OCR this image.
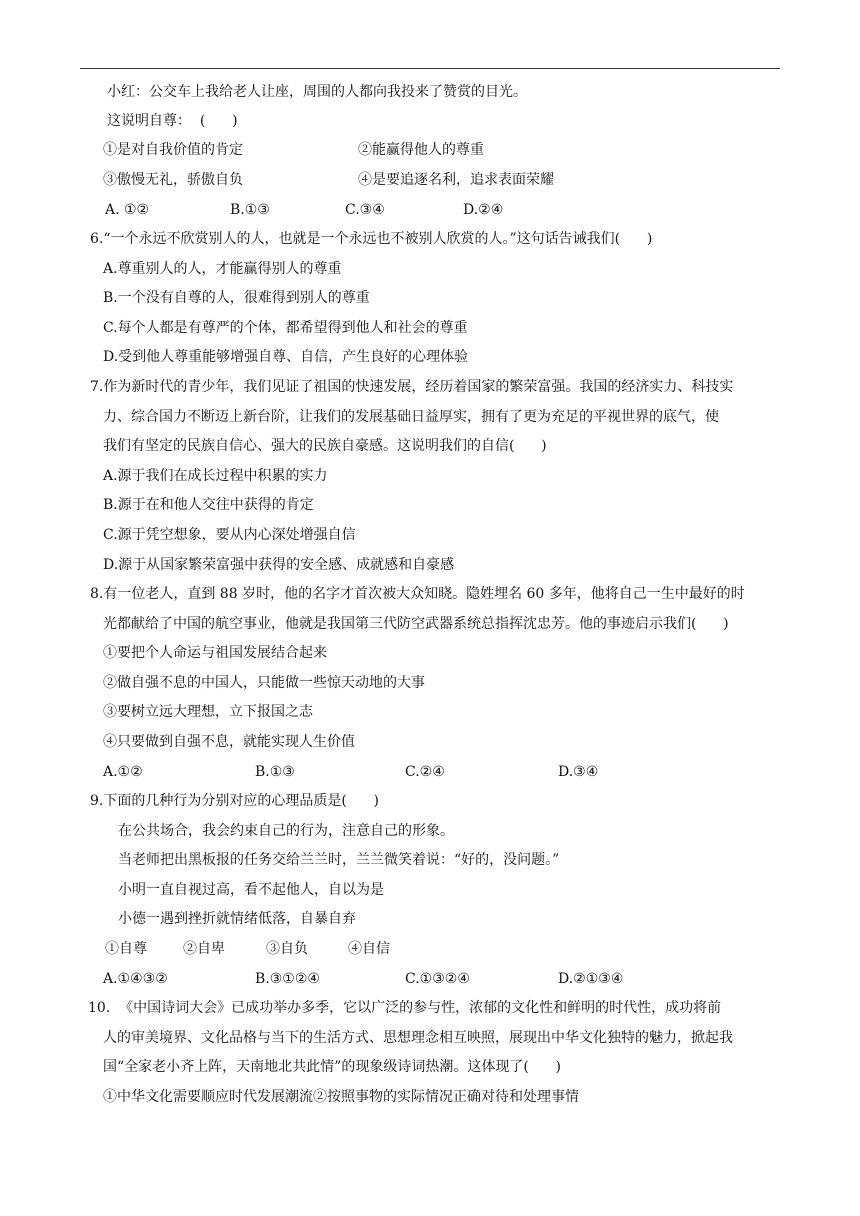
小红：公交车上我给老人让座，周围的人都向我投来了赞赏的目光。
这说明自尊：  (      )
①是对自我价值的肯定	②能赢得他人的尊重
③傲慢无礼，骄傲自负	④是要追逐名利，追求表面荣耀
A. ①②	B.①③	C.③④	D.②④
6.“一个永远不欣赏别人的人，也就是一个永远也不被别人欣赏的人。”这句话告诫我们(      )
A.尊重别人的人，才能赢得别人的尊重
B.一个没有自尊的人，很难得到别人的尊重
C.每个人都是有尊严的个体，都希望得到他人和社会的尊重
D.受到他人尊重能够增强自尊、自信，产生良好的心理体验
7.作为新时代的青少年，我们见证了祖国的快速发展，经历着国家的繁荣富强。我国的经济实力、科技实
力、综合国力不断迈上新台阶，让我们的发展基础日益厚实，拥有了更为充足的平视世界的底气，使
我们有坚定的民族自信心、强大的民族自豪感。这说明我们的自信(      )
A.源于我们在成长过程中积累的实力
B.源于在和他人交往中获得的肯定
C.源于凭空想象，要从内心深处增强自信
D.源于从国家繁荣富强中获得的安全感、成就感和自豪感
8.有一位老人，直到 88 岁时，他的名字才首次被大众知晓。隐姓埋名 60 多年，他将自己一生中最好的时
光都献给了中国的航空事业，他就是我国第三代防空武器系统总指挥沈忠芳。他的事迹启示我们(      )
①要把个人命运与祖国发展结合起来
②做自强不息的中国人，只能做一些惊天动地的大事
③要树立远大理想，立下报国之志
④只要做到自强不息，就能实现人生价值
A.①②	B.①③	C.②④	D.③④
9.下面的几种行为分别对应的心理品质是(      )
在公共场合，我会约束自己的行为，注意自己的形象。
当老师把出黑板报的任务交给兰兰时，兰兰微笑着说：“好的，没问题。”
小明一直自视过高，看不起他人，自以为是
小德一遇到挫折就情绪低落，自暴自弃
①自尊	②自卑	③自负	④自信
A.①④③②	B.③①②④	C.①③②④	D.②①③④
10.  《中国诗词大会》已成功举办多季，它以广泛的参与性，浓郁的文化性和鲜明的时代性，成功将前
人的审美境界、文化品格与当下的生活方式、思想理念相互映照，展现出中华文化独特的魅力，掀起我
国“全家老小齐上阵，天南地北共此情”的现象级诗词热潮。这体现了(      )
①中华文化需要顺应时代发展潮流②按照事物的实际情况正确对待和处理事情
